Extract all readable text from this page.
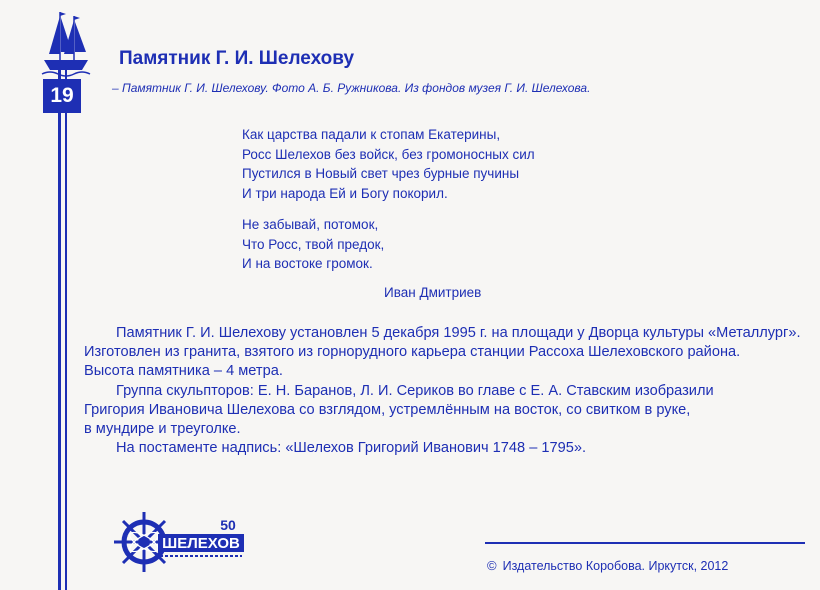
19
Памятник Г. И. Шелехову
– Памятник Г. И. Шелехову. Фото А. Б. Ружникова. Из фондов музея Г. И. Шелехова.
Как царства падали к стопам Екатерины,
Росс Шелехов без войск, без громоносных сил
Пустился в Новый свет чрез бурные пучины
И три народа Ей и Богу покорил.
Не забывай, потомок,
Что Росс, твой предок,
И на востоке громок.
Иван Дмитриев

Памятник Г. И. Шелехову установлен 5 декабря 1995 г. на площади у Дворца культуры «Металлург».
Изготовлен из гранита, взятого из горнорудного карьера станции Рассоха Шелеховского района.
Высота памятника – 4 метра.

Группа скульпторов: Е. Н. Баранов, Л. И. Сериков во главе с Е. А. Ставским изобразили
Григория Ивановича Шелехова со взглядом, устремлённым на восток, со свитком в руке,
в мундире и треуголке.

На постаменте надпись: «Шелехов Григорий Иванович 1748 – 1795».

ШЕЛЕХОВ
50
© Издательство Коробова. Иркутск, 2012
